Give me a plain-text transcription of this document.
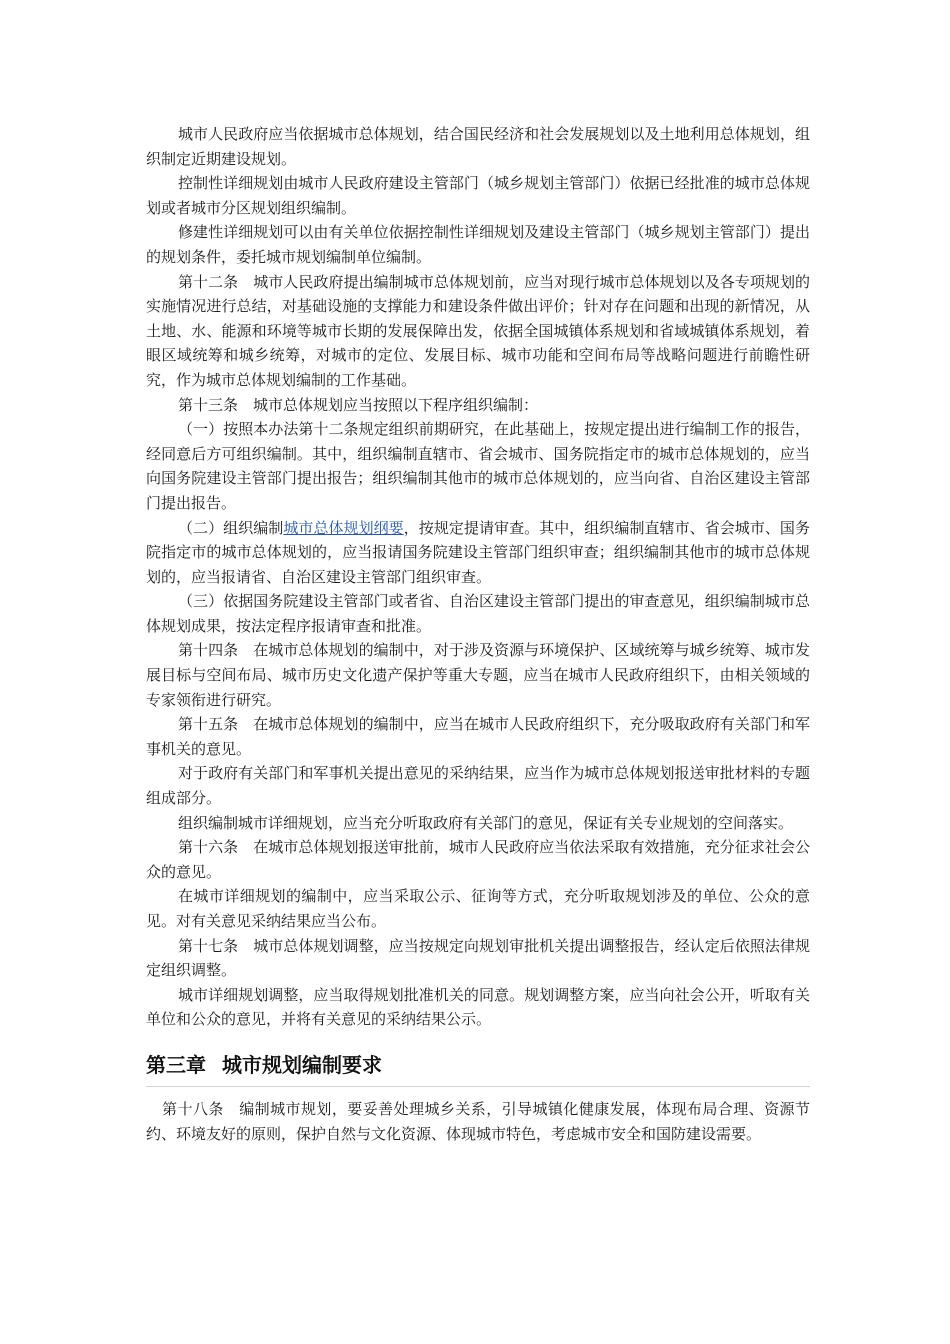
城市人民政府应当依据城市总体规划，结合国民经济和社会发展规划以及土地利用总体规划，组织制定近期建设规划。

控制性详细规划由城市人民政府建设主管部门（城乡规划主管部门）依据已经批准的城市总体规划或者城市分区规划组织编制。

修建性详细规划可以由有关单位依据控制性详细规划及建设主管部门（城乡规划主管部门）提出的规划条件，委托城市规划编制单位编制。

第十二条　城市人民政府提出编制城市总体规划前，应当对现行城市总体规划以及各专项规划的实施情况进行总结，对基础设施的支撑能力和建设条件做出评价；针对存在问题和出现的新情况，从土地、水、能源和环境等城市长期的发展保障出发，依据全国城镇体系规划和省域城镇体系规划，着眼区域统筹和城乡统筹，对城市的定位、发展目标、城市功能和空间布局等战略问题进行前瞻性研究，作为城市总体规划编制的工作基础。

第十三条　城市总体规划应当按照以下程序组织编制：

（一）按照本办法第十二条规定组织前期研究，在此基础上，按规定提出进行编制工作的报告，经同意后方可组织编制。其中，组织编制直辖市、省会城市、国务院指定市的城市总体规划的，应当向国务院建设主管部门提出报告；组织编制其他市的城市总体规划的，应当向省、自治区建设主管部门提出报告。

（二）组织编制城市总体规划纲要，按规定提请审查。其中，组织编制直辖市、省会城市、国务院指定市的城市总体规划的，应当报请国务院建设主管部门组织审查；组织编制其他市的城市总体规划的，应当报请省、自治区建设主管部门组织审查。

（三）依据国务院建设主管部门或者省、自治区建设主管部门提出的审查意见，组织编制城市总体规划成果，按法定程序报请审查和批准。

第十四条　在城市总体规划的编制中，对于涉及资源与环境保护、区域统筹与城乡统筹、城市发展目标与空间布局、城市历史文化遗产保护等重大专题，应当在城市人民政府组织下，由相关领域的专家领衔进行研究。

第十五条　在城市总体规划的编制中，应当在城市人民政府组织下，充分吸取政府有关部门和军事机关的意见。

对于政府有关部门和军事机关提出意见的采纳结果，应当作为城市总体规划报送审批材料的专题组成部分。

组织编制城市详细规划，应当充分听取政府有关部门的意见，保证有关专业规划的空间落实。

第十六条　在城市总体规划报送审批前，城市人民政府应当依法采取有效措施，充分征求社会公众的意见。

在城市详细规划的编制中，应当采取公示、征询等方式，充分听取规划涉及的单位、公众的意见。对有关意见采纳结果应当公布。

第十七条　城市总体规划调整，应当按规定向规划审批机关提出调整报告，经认定后依照法律规定组织调整。

城市详细规划调整，应当取得规划批准机关的同意。规划调整方案，应当向社会公开，听取有关单位和公众的意见，并将有关意见的采纳结果公示。

第三章 城市规划编制要求

第十八条　编制城市规划，要妥善处理城乡关系，引导城镇化健康发展，体现布局合理、资源节约、环境友好的原则，保护自然与文化资源、体现城市特色，考虑城市安全和国防建设需要。
